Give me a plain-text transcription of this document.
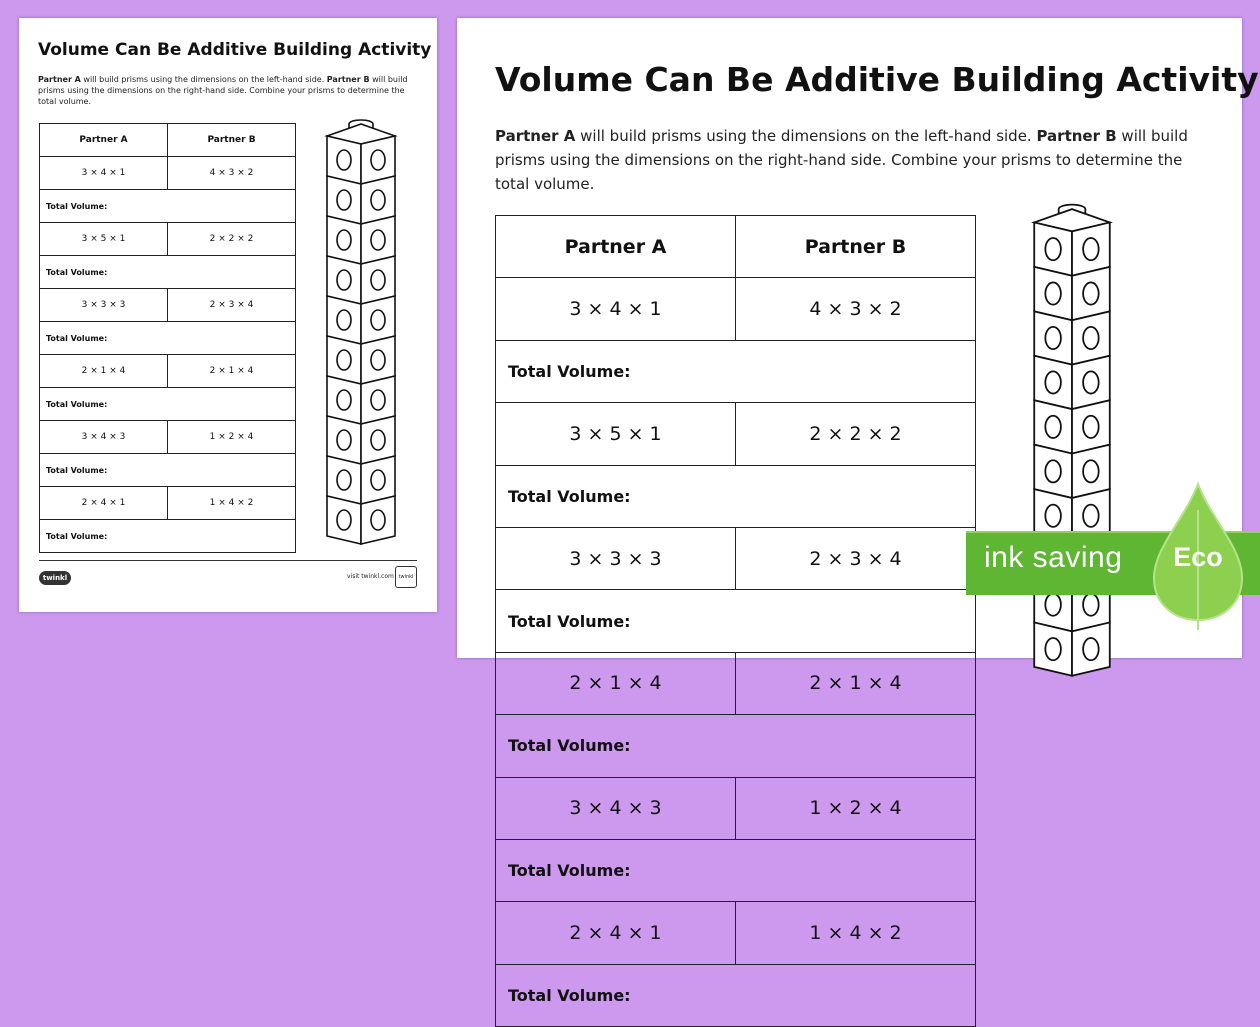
Volume Can Be Additive Building Activity
Partner A will build prisms using the dimensions on the left-hand side. Partner B will build prisms using the dimensions on the right-hand side. Combine your prisms to determine the total volume.
Partner A	Partner B
3 × 4 × 1	4 × 3 × 2
Total Volume:	
3 × 5 × 1	2 × 2 × 2
Total Volume:	
3 × 3 × 3	2 × 3 × 4
Total Volume:	
2 × 1 × 4	2 × 1 × 4
Total Volume:	
3 × 4 × 3	1 × 2 × 4
Total Volume:	
2 × 4 × 1	1 × 4 × 2
Total Volume:	
twinkl	visit twinkl.com twinkl
Volume Can Be Additive Building Activity
Partner A will build prisms using the dimensions on the left-hand side. Partner B will build prisms using the dimensions on the right-hand side. Combine your prisms to determine the total volume.
Partner A	Partner B
3 × 4 × 1	4 × 3 × 2
Total Volume:	
3 × 5 × 1	2 × 2 × 2
Total Volume:	
3 × 3 × 3	2 × 3 × 4
Total Volume:	
2 × 1 × 4	2 × 1 × 4
Total Volume:	
3 × 4 × 3	1 × 2 × 4
Total Volume:	
2 × 4 × 1	1 × 4 × 2
Total Volume:	
ink saving	Eco
